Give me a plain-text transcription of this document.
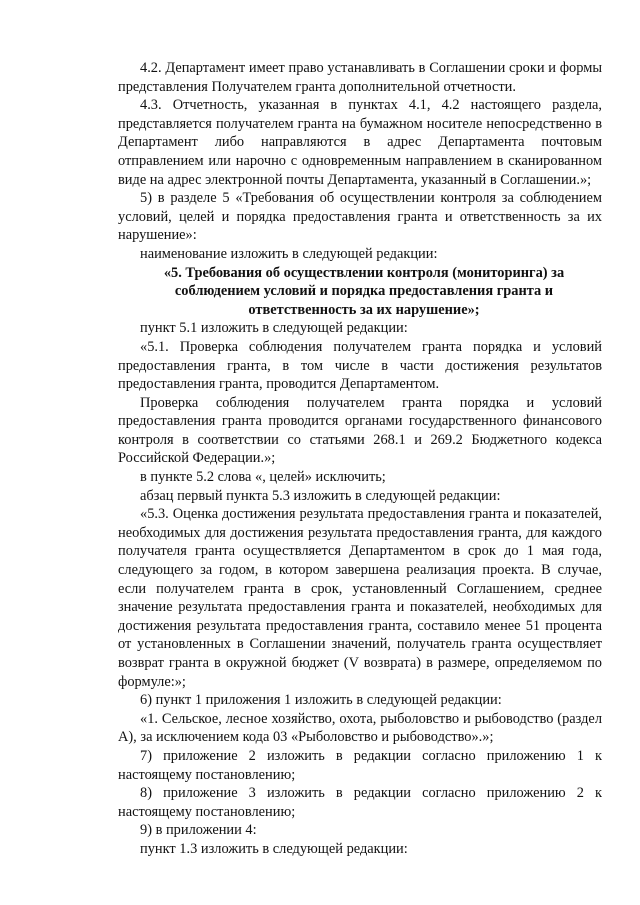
4.2. Департамент имеет право устанавливать в Соглашении сроки и формы представления Получателем гранта дополнительной отчетности.

4.3. Отчетность, указанная в пунктах 4.1, 4.2 настоящего раздела, представляется получателем гранта на бумажном носителе непосредственно в Департамент либо направляются в адрес Департамента почтовым отправлением или нарочно с одновременным направлением в сканированном виде на адрес электронной почты Департамента, указанный в Соглашении.»;

5) в разделе 5 «Требования об осуществлении контроля за соблюдением условий, целей и порядка предоставления гранта и ответственность за их нарушение»:

наименование изложить в следующей редакции:

«5. Требования об осуществлении контроля (мониторинга) за соблюдением условий и порядка предоставления гранта и ответственность за их нарушение»;

пункт 5.1 изложить в следующей редакции:

«5.1. Проверка соблюдения получателем гранта порядка и условий предоставления гранта, в том числе в части достижения результатов предоставления гранта, проводится Департаментом.

Проверка соблюдения получателем гранта порядка и условий предоставления гранта проводится органами государственного финансового контроля в соответствии со статьями 268.1 и 269.2 Бюджетного кодекса Российской Федерации.»;

в пункте 5.2 слова «, целей» исключить;

абзац первый пункта 5.3 изложить в следующей редакции:

«5.3. Оценка достижения результата предоставления гранта и показателей, необходимых для достижения результата предоставления гранта, для каждого получателя гранта осуществляется Департаментом в срок до 1 мая года, следующего за годом, в котором завершена реализация проекта. В случае, если получателем гранта в срок, установленный Соглашением, среднее значение результата предоставления гранта и показателей, необходимых для достижения результата предоставления гранта, составило менее 51 процента от установленных в Соглашении значений, получатель гранта осуществляет возврат гранта в окружной бюджет (V возврата) в размере, определяемом по формуле:»;

6) пункт 1 приложения 1 изложить в следующей редакции:

«1. Сельское, лесное хозяйство, охота, рыболовство и рыбоводство (раздел А), за исключением кода 03 «Рыболовство и рыбоводство».»;

7) приложение 2 изложить в редакции согласно приложению 1 к настоящему постановлению;

8) приложение 3 изложить в редакции согласно приложению 2 к настоящему постановлению;

9) в приложении 4:

пункт 1.3 изложить в следующей редакции:
